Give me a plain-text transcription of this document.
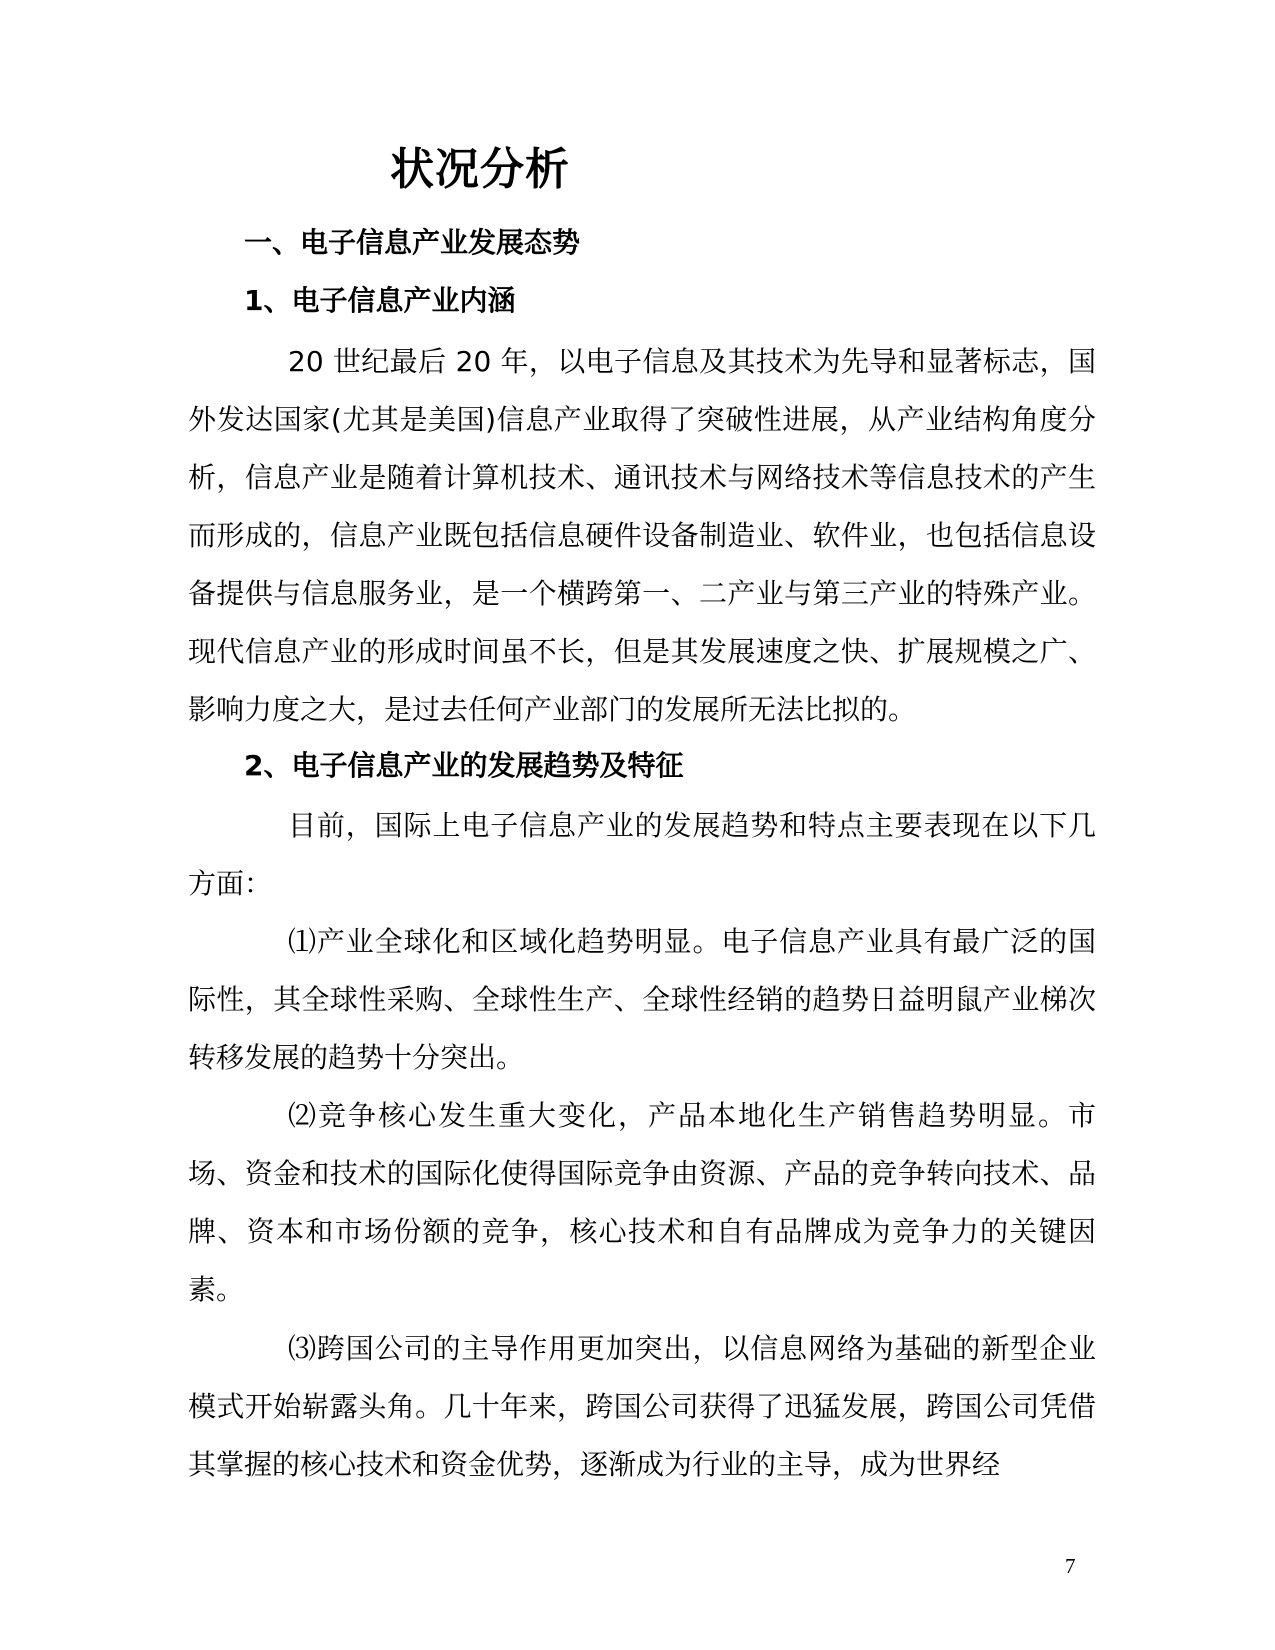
状况分析
一、电子信息产业发展态势
1、电子信息产业内涵

20 世纪最后 20 年，以电子信息及其技术为先导和显著标志，国外发达国家(尤其是美国)信息产业取得了突破性进展，从产业结构角度分析，信息产业是随着计算机技术、通讯技术与网络技术等信息技术的产生而形成的，信息产业既包括信息硬件设备制造业、软件业，也包括信息设备提供与信息服务业，是一个横跨第一、二产业与第三产业的特殊产业。现代信息产业的形成时间虽不长，但是其发展速度之快、扩展规模之广、影响力度之大，是过去任何产业部门的发展所无法比拟的。

2、电子信息产业的发展趋势及特征

目前，国际上电子信息产业的发展趋势和特点主要表现在以下几方面：

⑴产业全球化和区域化趋势明显。电子信息产业具有最广泛的国际性，其全球性采购、全球性生产、全球性经销的趋势日益明鼠产业梯次转移发展的趋势十分突出。

⑵竞争核心发生重大变化，产品本地化生产销售趋势明显。市场、资金和技术的国际化使得国际竞争由资源、产品的竞争转向技术、品牌、资本和市场份额的竞争，核心技术和自有品牌成为竞争力的关键因素。

⑶跨国公司的主导作用更加突出，以信息网络为基础的新型企业模式开始崭露头角。几十年来，跨国公司获得了迅猛发展，跨国公司凭借其掌握的核心技术和资金优势，逐渐成为行业的主导，成为世界经

7
